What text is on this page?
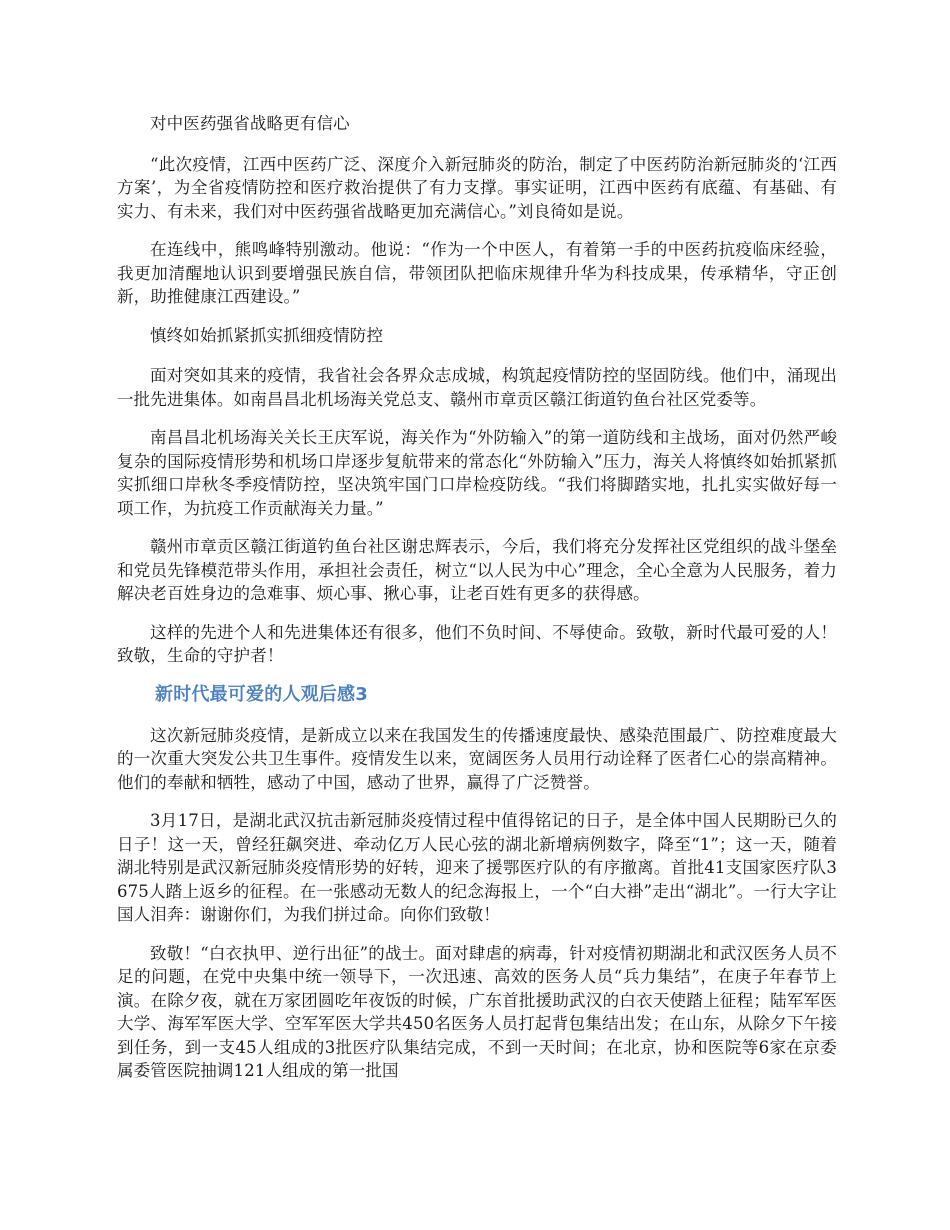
对中医药强省战略更有信心

“此次疫情，江西中医药广泛、深度介入新冠肺炎的防治，制定了中医药防治新冠肺炎的‘江西方案’，为全省疫情防控和医疗救治提供了有力支撑。事实证明，江西中医药有底蕴、有基础、有实力、有未来，我们对中医药强省战略更加充满信心。”刘良徛如是说。

在连线中，熊鸣峰特别激动。他说：“作为一个中医人，有着第一手的中医药抗疫临床经验，我更加清醒地认识到要增强民族自信，带领团队把临床规律升华为科技成果，传承精华，守正创新，助推健康江西建设。”

慎终如始抓紧抓实抓细疫情防控

面对突如其来的疫情，我省社会各界众志成城，构筑起疫情防控的坚固防线。他们中，涌现出一批先进集体。如南昌昌北机场海关党总支、赣州市章贡区赣江街道钓鱼台社区党委等。

南昌昌北机场海关关长王庆军说，海关作为“外防输入”的第一道防线和主战场，面对仍然严峻复杂的国际疫情形势和机场口岸逐步复航带来的常态化“外防输入”压力，海关人将慎终如始抓紧抓实抓细口岸秋冬季疫情防控，坚决筑牢国门口岸检疫防线。“我们将脚踏实地，扎扎实实做好每一项工作，为抗疫工作贡献海关力量。”

赣州市章贡区赣江街道钓鱼台社区谢忠辉表示，今后，我们将充分发挥社区党组织的战斗堡垒和党员先锋模范带头作用，承担社会责任，树立“以人民为中心”理念，全心全意为人民服务，着力解决老百姓身边的急难事、烦心事、揪心事，让老百姓有更多的获得感。

这样的先进个人和先进集体还有很多，他们不负时间、不辱使命。致敬，新时代最可爱的人！致敬，生命的守护者！

新时代最可爱的人观后感3

这次新冠肺炎疫情，是新成立以来在我国发生的传播速度最快、感染范围最广、防控难度最大的一次重大突发公共卫生事件。疫情发生以来，宽阔医务人员用行动诠释了医者仁心的崇高精神。他们的奉献和牺牲，感动了中国，感动了世界，赢得了广泛赞誉。

3月17日，是湖北武汉抗击新冠肺炎疫情过程中值得铭记的日子，是全体中国人民期盼已久的日子！这一天，曾经狂飙突进、牵动亿万人民心弦的湖北新增病例数字，降至“1”；这一天，随着湖北特别是武汉新冠肺炎疫情形势的好转，迎来了援鄂医疗队的有序撤离。首批41支国家医疗队3675人踏上返乡的征程。在一张感动无数人的纪念海报上，一个“白大褂”走出“湖北”。一行大字让国人泪奔：谢谢你们，为我们拼过命。向你们致敬！

致敬！“白衣执甲、逆行出征”的战士。面对肆虐的病毒，针对疫情初期湖北和武汉医务人员不足的问题，在党中央集中统一领导下，一次迅速、高效的医务人员“兵力集结”，在庚子年春节上演。在除夕夜，就在万家团圆吃年夜饭的时候，广东首批援助武汉的白衣天使踏上征程；陆军军医大学、海军军医大学、空军军医大学共450名医务人员打起背包集结出发；在山东，从除夕下午接到任务，到一支45人组成的3批医疗队集结完成，不到一天时间；在北京，协和医院等6家在京委属委管医院抽调121人组成的第一批国
